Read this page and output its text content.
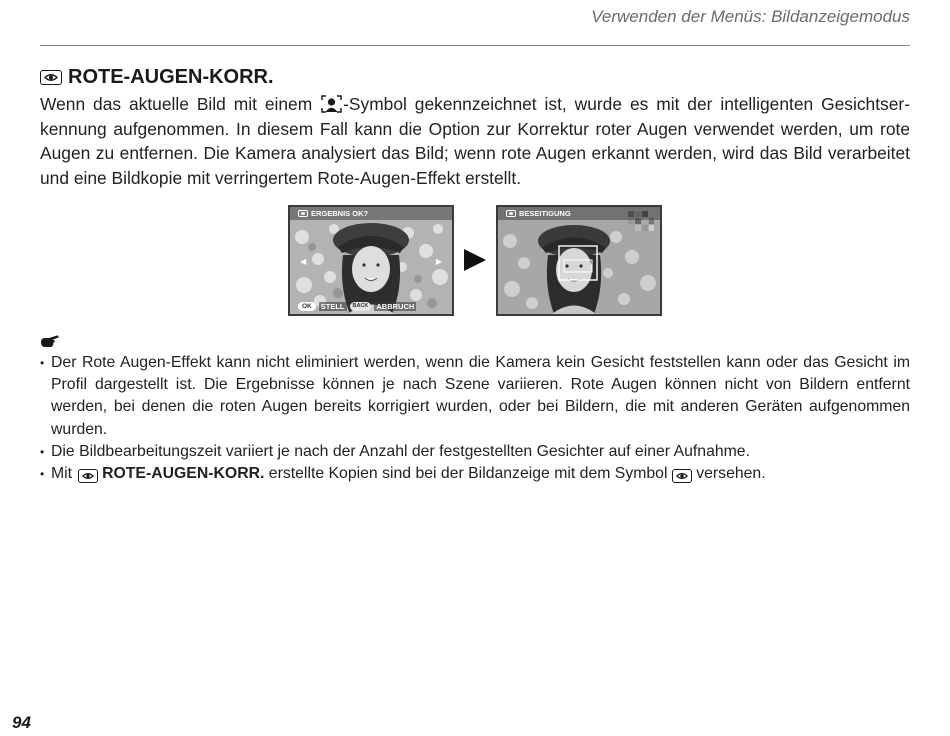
Verwenden der Menüs: Bildanzeigemodus
ROTE-AUGEN-KORR.
Wenn das aktuelle Bild mit einem -Symbol gekennzeichnet ist, wurde es mit der intelligenten Gesichtserkennung aufgenommen. In diesem Fall kann die Option zur Korrektur roter Augen verwendet werden, um rote Augen zu entfernen. Die Kamera analysiert das Bild; wenn rote Augen erkannt werden, wird das Bild verarbeitet und eine Bildkopie mit verringertem Rote-Augen-Effekt erstellt.
ERGEBNIS OK?
◀	▶
OK	STELL	BACK	ABBRUCH
BESEITIGUNG
• Der Rote Augen-Effekt kann nicht eliminiert werden, wenn die Kamera kein Gesicht feststellen kann oder das Gesicht im Profil dargestellt ist. Die Ergebnisse können je nach Szene variieren. Rote Augen können nicht von Bildern entfernt werden, bei denen die roten Augen bereits korrigiert wurden, oder bei Bildern, die mit anderen Geräten aufgenommen wurden.
• Die Bildbearbeitungszeit variiert je nach der Anzahl der festgestellten Gesichter auf einer Aufnahme.
• Mit ROTE-AUGEN-KORR. erstellte Kopien sind bei der Bildanzeige mit dem Symbol
versehen.
94
